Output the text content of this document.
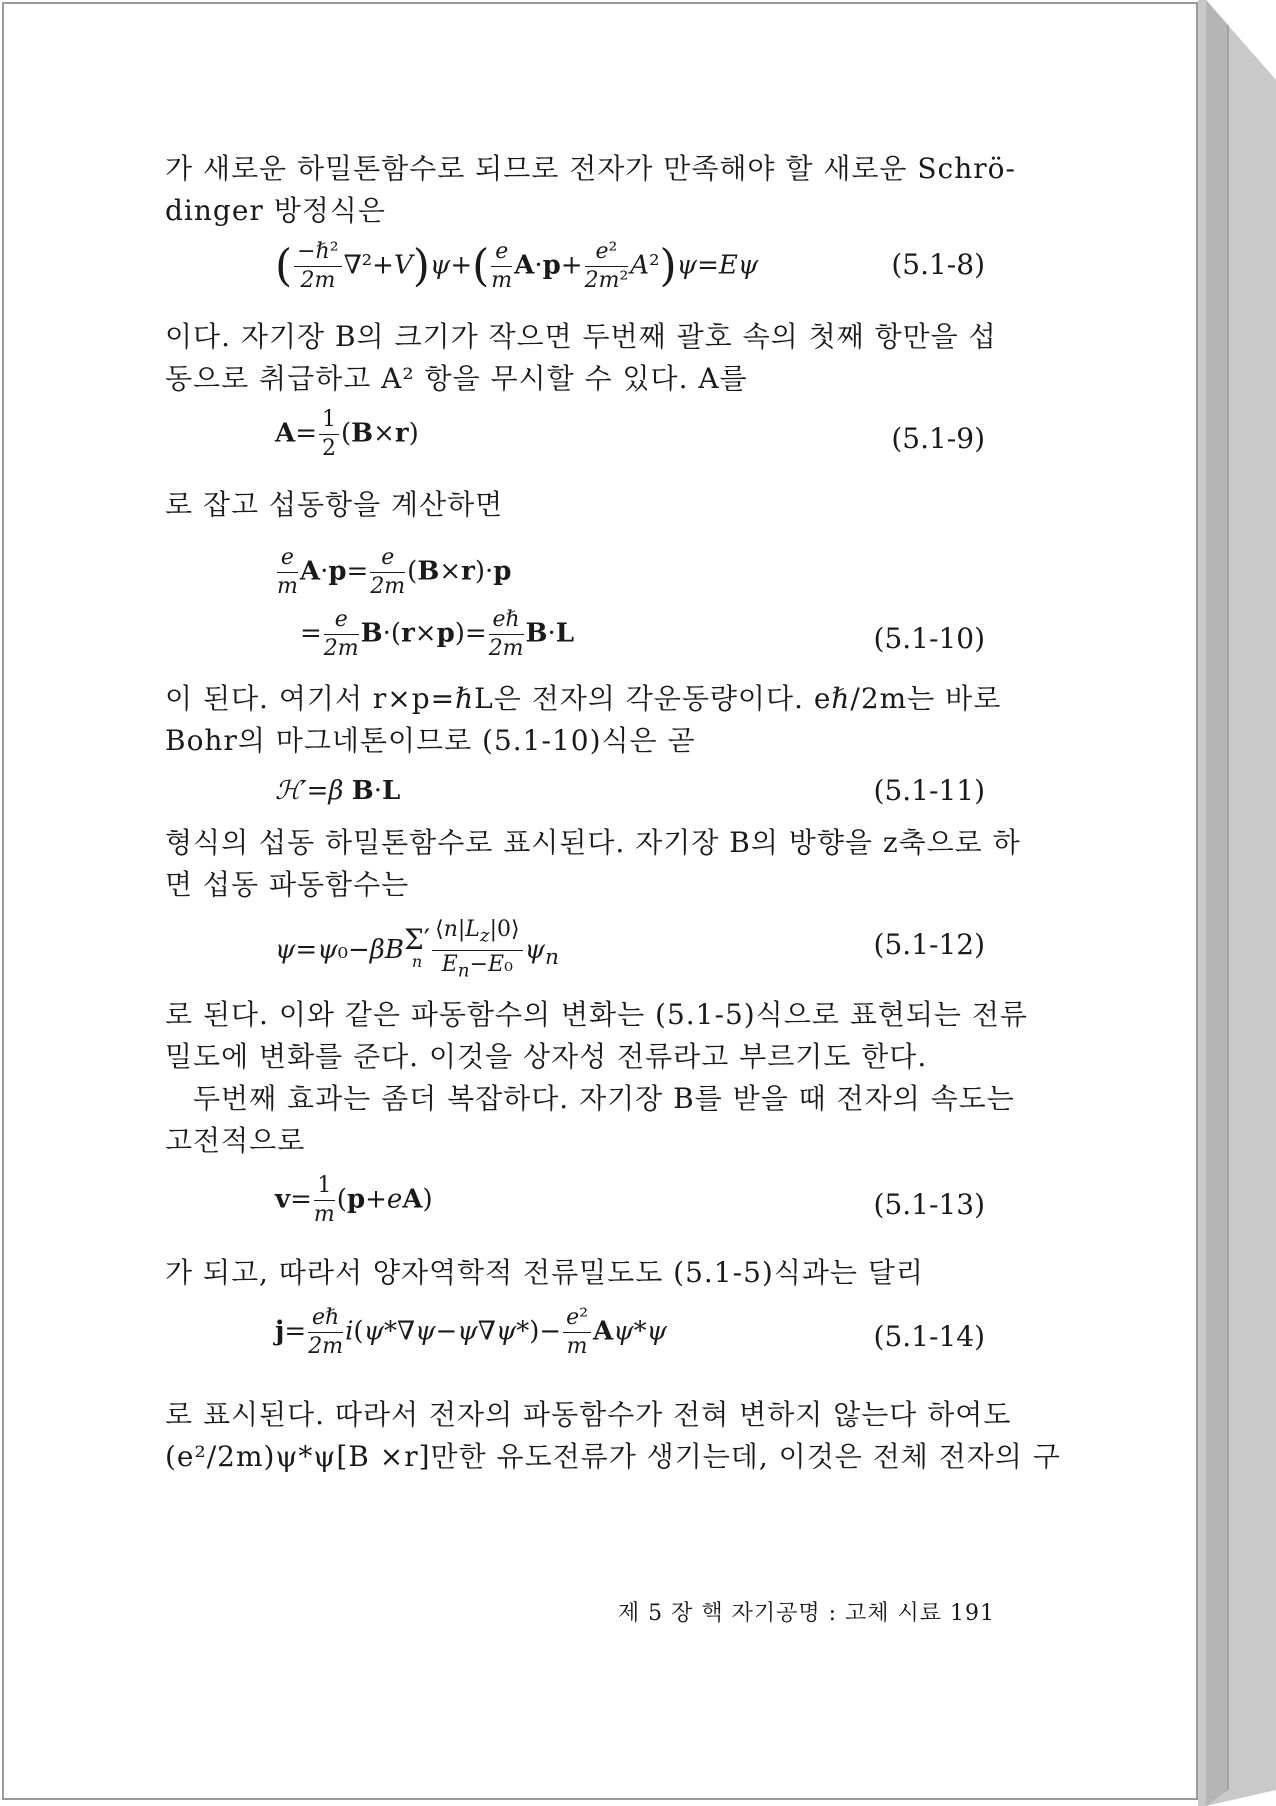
가 새로운 하밀톤함수로 되므로 전자가 만족해야 할 새로운 Schrö-

dinger 방정식은

( $\frac{\text{−ℏ²}}{2m} \nabla^2+V)\psi+( \frac{e}{m} A\cdot p+ \frac{\text{e²}}{\text{2m²}} A^2)\psi=E\psi$	(5.1-8)

이다. 자기장 B의 크기가 작으면 두번째 괄호 속의 첫째 항만을 섭

동으로 취급하고 A² 항을 무시할 수 있다. A를

$A= \frac{1}{2} (B\times r)$	(5.1-9)

로 잡고 섭동항을 계산하면

$\frac{e}{m} A\cdot p= \frac{e}{2m} (B\times r)\cdot p$
= $\frac{e}{2m} B\cdot(r\times p)= \frac{\text{eℏ}}{2m} B\cdot L$	(5.1-10)

이 된다. 여기서 r×p=ℏL은 전자의 각운동량이다. eℏ/2m는 바로

Bohr의 마그네톤이므로 (5.1-10)식은 곧

ℋ′=β B·L	(5.1-11)

형식의 섭동 하밀톤함수로 표시된다. 자기장 B의 방향을 z축으로 하

면 섭동 파동함수는

ψ=ψ₀−βB Σ′
n $\frac{⟨n|L_z|0⟩}{E_n-E_0} \psi_n$	(5.1-12)

로 된다. 이와 같은 파동함수의 변화는 (5.1-5)식으로 표현되는 전류

밀도에 변화를 준다. 이것을 상자성 전류라고 부르기도 한다.

두번째 효과는 좀더 복잡하다. 자기장 B를 받을 때 전자의 속도는

고전적으로

$v= \frac{1}{m} (p+eA)$	(5.1-13)

가 되고, 따라서 양자역학적 전류밀도도 (5.1-5)식과는 달리

$j= \frac{\text{eℏ}}{2m} i(\psi*\nabla\psi-\psi\nabla\psi*)- \frac{\text{e²}}{m} A\psi*\psi$	(5.1-14)

로 표시된다. 따라서 전자의 파동함수가 전혀 변하지 않는다 하여도

(e²/2m)ψ*ψ[B ×r]만한 유도전류가 생기는데, 이것은 전체 전자의 구

제 5 장 핵 자기공명 : 고체 시료 191
